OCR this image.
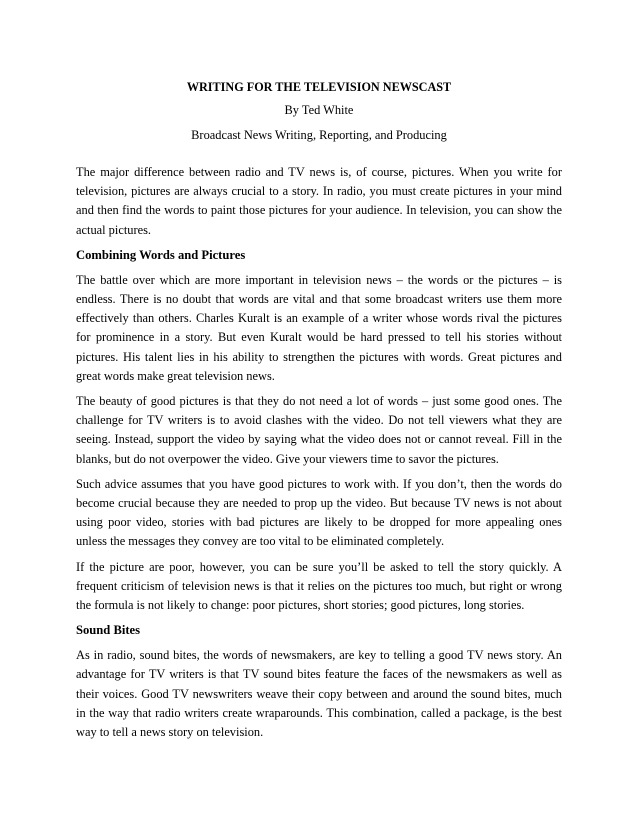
WRITING FOR THE TELEVISION NEWSCAST
By Ted White
Broadcast News Writing, Reporting, and Producing

The major difference between radio and TV news is, of course, pictures. When you write for television, pictures are always crucial to a story. In radio, you must create pictures in your mind and then find the words to paint those pictures for your audience. In television, you can show the actual pictures.

Combining Words and Pictures

The battle over which are more important in television news – the words or the pictures – is endless. There is no doubt that words are vital and that some broadcast writers use them more effectively than others. Charles Kuralt is an example of a writer whose words rival the pictures for prominence in a story. But even Kuralt would be hard pressed to tell his stories without pictures. His talent lies in his ability to strengthen the pictures with words. Great pictures and great words make great television news.

The beauty of good pictures is that they do not need a lot of words – just some good ones. The challenge for TV writers is to avoid clashes with the video. Do not tell viewers what they are seeing. Instead, support the video by saying what the video does not or cannot reveal. Fill in the blanks, but do not overpower the video. Give your viewers time to savor the pictures.

Such advice assumes that you have good pictures to work with. If you don’t, then the words do become crucial because they are needed to prop up the video. But because TV news is not about using poor video, stories with bad pictures are likely to be dropped for more appealing ones unless the messages they convey are too vital to be eliminated completely.

If the picture are poor, however, you can be sure you’ll be asked to tell the story quickly. A frequent criticism of television news is that it relies on the pictures too much, but right or wrong the formula is not likely to change: poor pictures, short stories; good pictures, long stories.

Sound Bites

As in radio, sound bites, the words of newsmakers, are key to telling a good TV news story. An advantage for TV writers is that TV sound bites feature the faces of the newsmakers as well as their voices. Good TV newswriters weave their copy between and around the sound bites, much in the way that radio writers create wraparounds. This combination, called a package, is the best way to tell a news story on television.
